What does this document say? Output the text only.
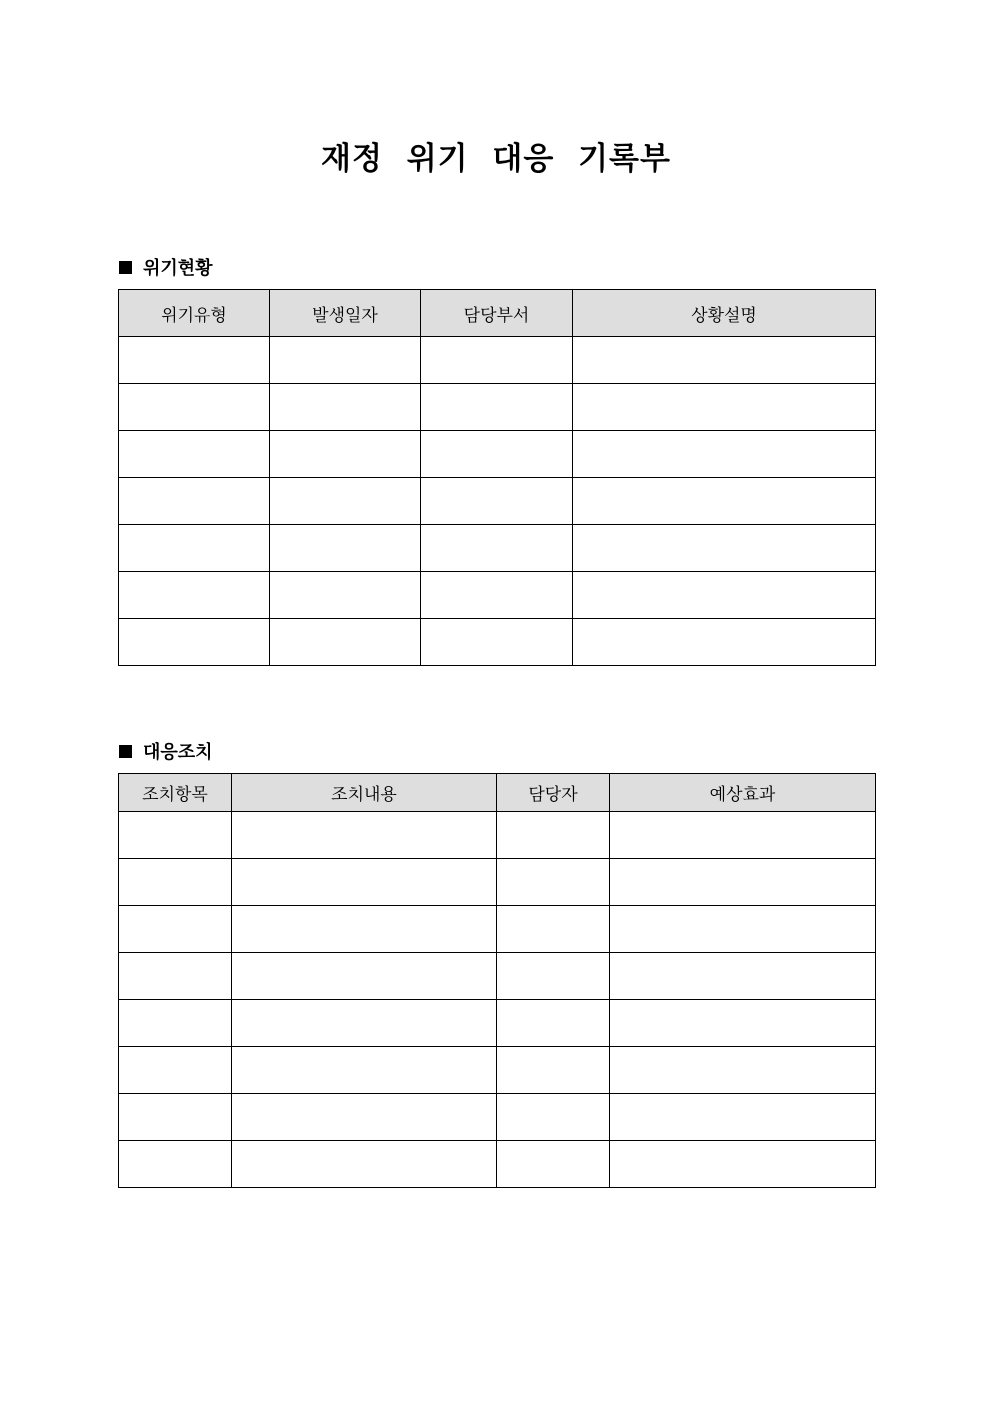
재정 위기 대응 기록부
위기현황
위기유형	발생일자	담당부서	상황설명

대응조치
조치항목	조치내용	담당자	예상효과
